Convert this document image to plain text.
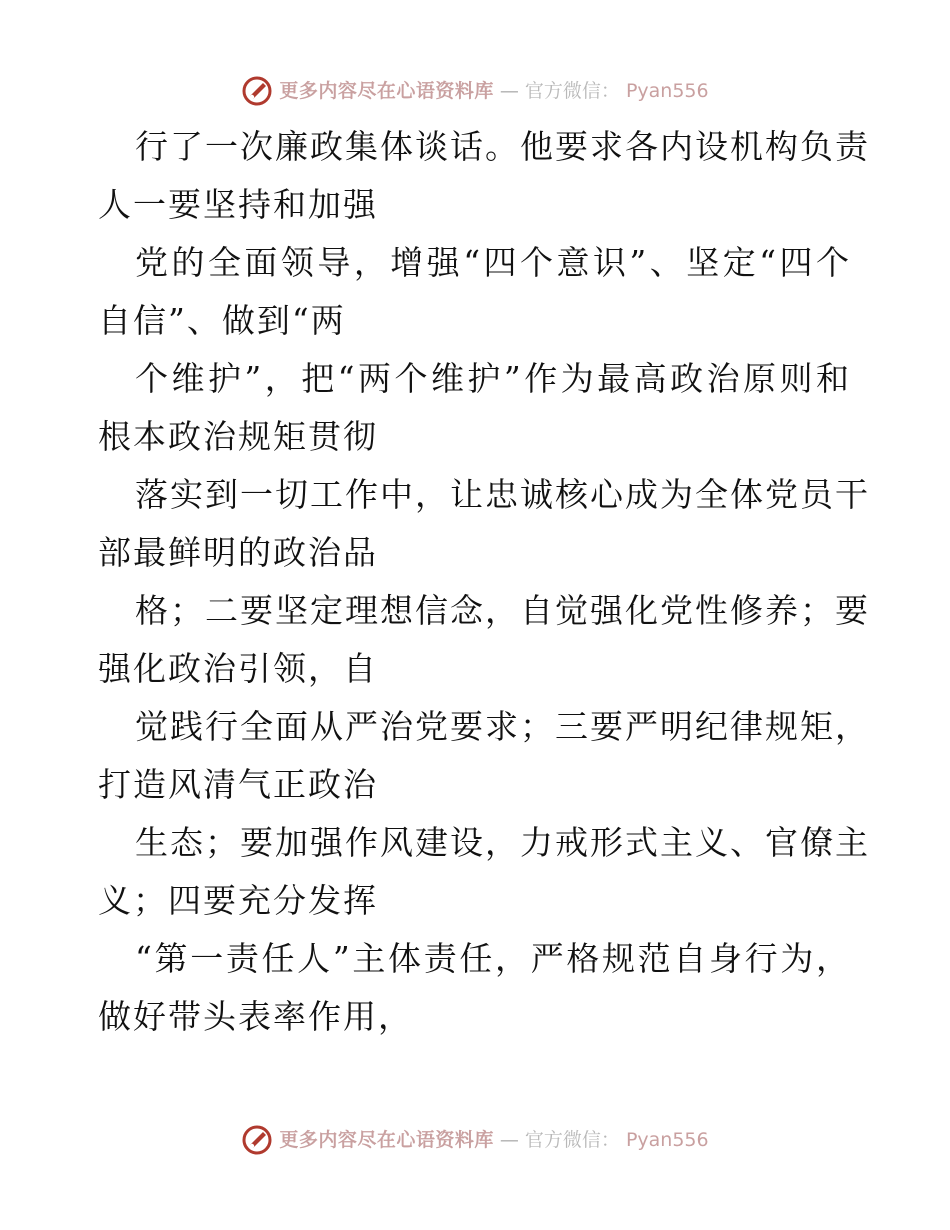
更多内容尽在心语资料库 — 官方微信： Pyan556
行了一次廉政集体谈话。他要求各内设机构负责
人一要坚持和加强
党的全面领导，增强“四个意识”、坚定“四个
自信”、做到“两
个维护”，把“两个维护”作为最高政治原则和
根本政治规矩贯彻
落实到一切工作中，让忠诚核心成为全体党员干
部最鲜明的政治品
格；二要坚定理想信念，自觉强化党性修养；要
强化政治引领，自
觉践行全面从严治党要求；三要严明纪律规矩，
打造风清气正政治
生态；要加强作风建设，力戒形式主义、官僚主
义；四要充分发挥
“第一责任人”主体责任，严格规范自身行为，
做好带头表率作用，
更多内容尽在心语资料库 — 官方微信： Pyan556
